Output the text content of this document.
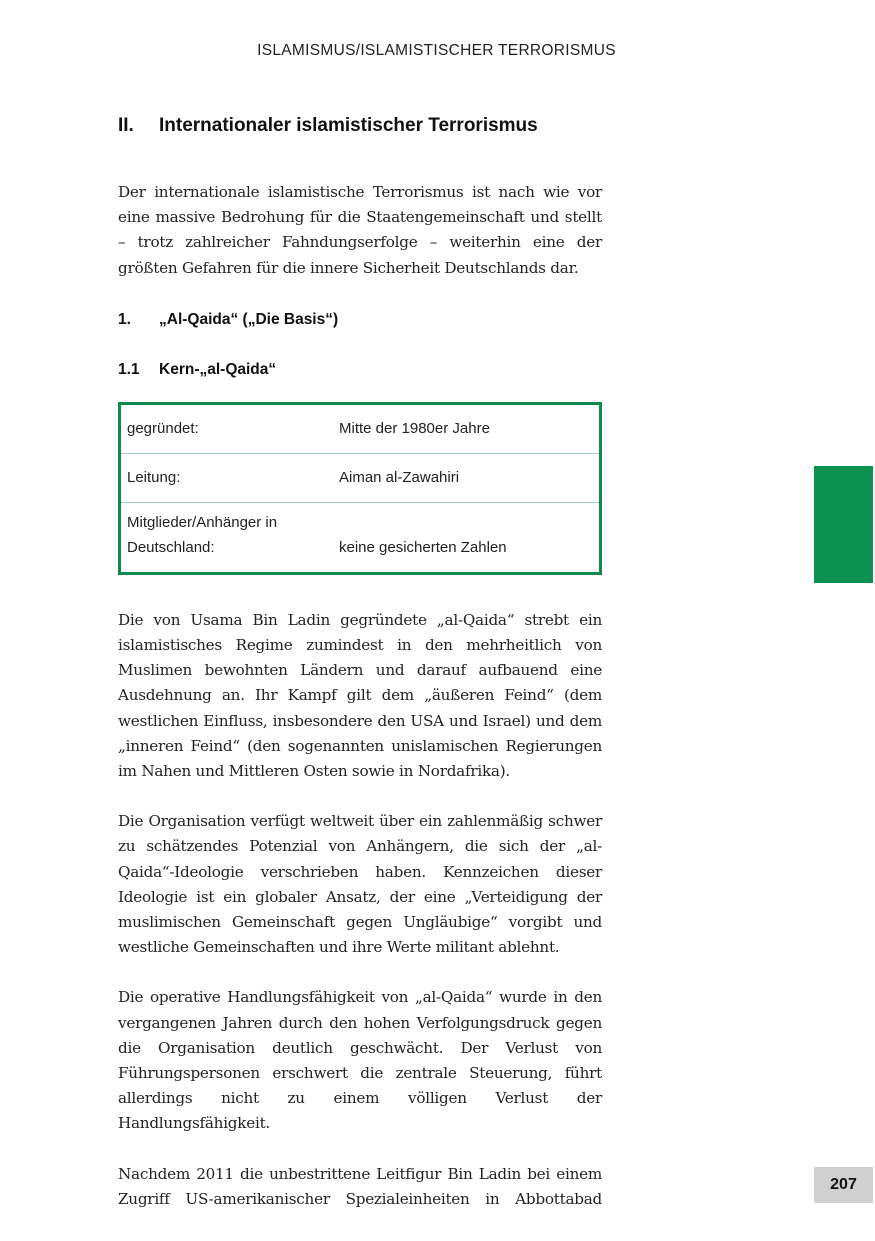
ISLAMISMUS/ISLAMISTISCHER TERRORISMUS
II. Internationaler islamistischer Terrorismus

Der internationale islamistische Terrorismus ist nach wie vor eine massive Bedrohung für die Staatengemeinschaft und stellt – trotz zahlreicher Fahndungserfolge – weiterhin eine der größten Gefahren für die innere Sicherheit Deutschlands dar.

1. „Al-Qaida“ („Die Basis“)
1.1 Kern-„al-Qaida“
gegründet:	Mitte der 1980er Jahre
Leitung:	Aiman al-Zawahiri
Mitglieder/Anhänger in Deutschland:	keine gesicherten Zahlen

Die von Usama Bin Ladin gegründete „al-Qaida“ strebt ein islamistisches Regime zumindest in den mehrheitlich von Muslimen bewohnten Ländern und darauf aufbauend eine Ausdehnung an. Ihr Kampf gilt dem „äußeren Feind“ (dem westlichen Einfluss, insbesondere den USA und Israel) und dem „inneren Feind“ (den sogenannten unislamischen Regierungen im Nahen und Mittleren Osten sowie in Nordafrika).

Die Organisation verfügt weltweit über ein zahlenmäßig schwer zu schätzendes Potenzial von Anhängern, die sich der „al-Qaida“-Ideologie verschrieben haben. Kennzeichen dieser Ideologie ist ein globaler Ansatz, der eine „Verteidigung der muslimischen Gemeinschaft gegen Ungläubige“ vorgibt und westliche Gemeinschaften und ihre Werte militant ablehnt.

Die operative Handlungsfähigkeit von „al-Qaida“ wurde in den vergangenen Jahren durch den hohen Verfolgungsdruck gegen die Organisation deutlich geschwächt. Der Verlust von Führungspersonen erschwert die zentrale Steuerung, führt allerdings nicht zu einem völligen Verlust der Handlungsfähigkeit.

Nachdem 2011 die unbestrittene Leitfigur Bin Ladin bei einem Zugriff US-amerikanischer Spezialeinheiten in Abbottabad

207
